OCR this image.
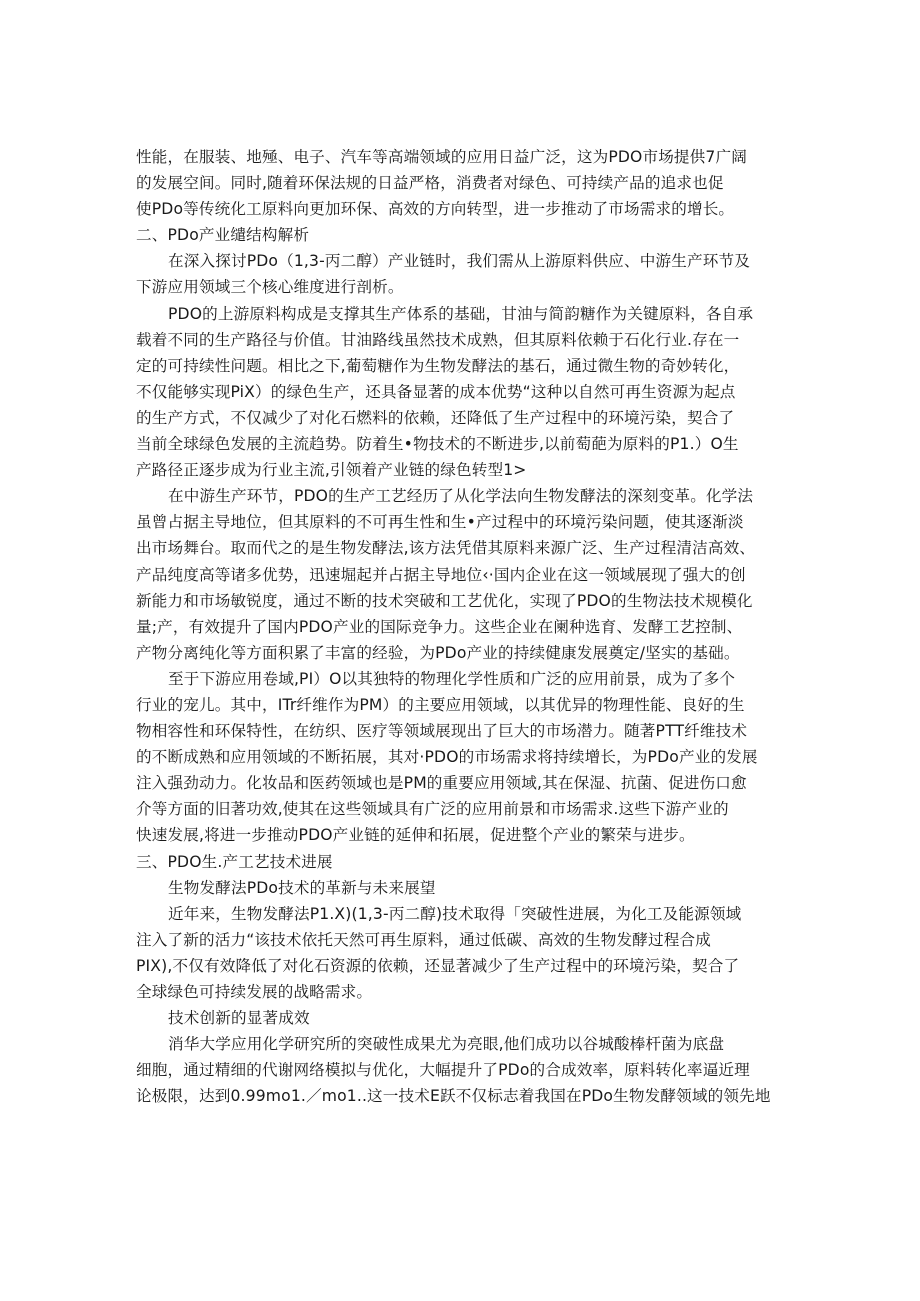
性能，在服装、地殛、电子、汽车等高端领域的应用日益广泛，这为PDO市场提供7广阔
的发展空间。同时,随着环保法规的日益严格，消费者对绿色、可持续产品的追求也促
使PDo等传统化工原料向更加环保、高效的方向转型，进一步推动了市场需求的增长。
二、PDo产业缱结构解析
在深入探讨PDo（1,3-丙二醇）产业链时，我们需从上游原料供应、中游生产环节及
下游应用领域三个核心维度进行剖析。
PDO的上游原料构成是支撑其生产体系的基础，甘油与简韵糖作为关键原料，各自承
载着不同的生产路径与价值。甘油路线虽然技术成熟，但其原料依赖于石化行业.存在一
定的可持续性问题。相比之下,葡萄糖作为生物发酵法的基石，通过微生物的奇妙转化，
不仅能够实现PiX）的绿色生产，还具备显著的成本优势“这种以自然可再生资源为起点
的生产方式，不仅减少了对化石燃料的依赖，还降低了生产过程中的环境污染，契合了
当前全球绿色发展的主流趋势。防着生•物技术的不断进步,以前萄葩为原料的P1.）O生
产路径正逐步成为行业主流,引领着产业链的绿色转型1>
在中游生产环节，PDO的生产工艺经历了从化学法向生物发酵法的深刻变革。化学法
虽曾占据主导地位，但其原料的不可再生性和生•产过程中的环境污染问题，使其逐渐淡
出市场舞台。取而代之的是生物发酵法,该方法凭借其原料来源广泛、生产过程清洁高效、
产品纯度高等诸多优势，迅速堀起并占据主导地位‹·国内企业在这一领域展现了强大的创
新能力和市场敏锐度，通过不断的技术突破和工艺优化，实现了PDO的生物法技术规模化
量;产，有效提升了国内PDO产业的国际竞争力。这些企业在阑种选育、发酵工艺控制、
产物分离纯化等方面积累了丰富的经验，为PDo产业的持续健康发展奠定/坚实的基础。
至于下游应用卷域,PI）O以其独特的物理化学性质和广泛的应用前景，成为了多个
行业的宠儿。其中，ITr纤维作为PM）的主要应用领域，以其优异的物理性能、良好的生
物相容性和环保特性，在纺织、医疗等领域展现出了巨大的市场潜力。随著PTT纤维技术
的不断成熟和应用领域的不断拓展，其对·PDO的市场需求将持续增长，为PDo产业的发展
注入强劲动力。化妆品和医药领域也是PM的重要应用领域,其在保湿、抗菌、促进伤口愈
介等方面的旧著功效,使其在这些领域具有广泛的应用前景和市场需求.这些下游产业的
快速发展,将进一步推动PDO产业链的延伸和拓展，促进整个产业的繁荣与进步。
三、PDO生.产工艺技术进展
生物发酵法PDo技术的革新与未来展望
近年来，生物发酵法P1.X)(1,3-丙二醇)技术取得「突破性进展，为化工及能源领域
注入了新的活力“该技术依托天然可再生原料，通过低碳、高效的生物发酵过程合成
PIX),不仅有效降低了对化石资源的依赖，还显著减少了生产过程中的环境污染，契合了
全球绿色可持续发展的战略需求。
技术创新的显著成效
消华大学应用化学研究所的突破性成果尤为亮眼,他们成功以谷城酸棒杆菌为底盘
细胞，通过精细的代谢网络模拟与优化，大幅提升了PDo的合成效率，原料转化率逼近理
论极限，达到0.99mo1.／mo1..这一技术E跃不仅标志着我国在PDo生物发酵领域的领先地
